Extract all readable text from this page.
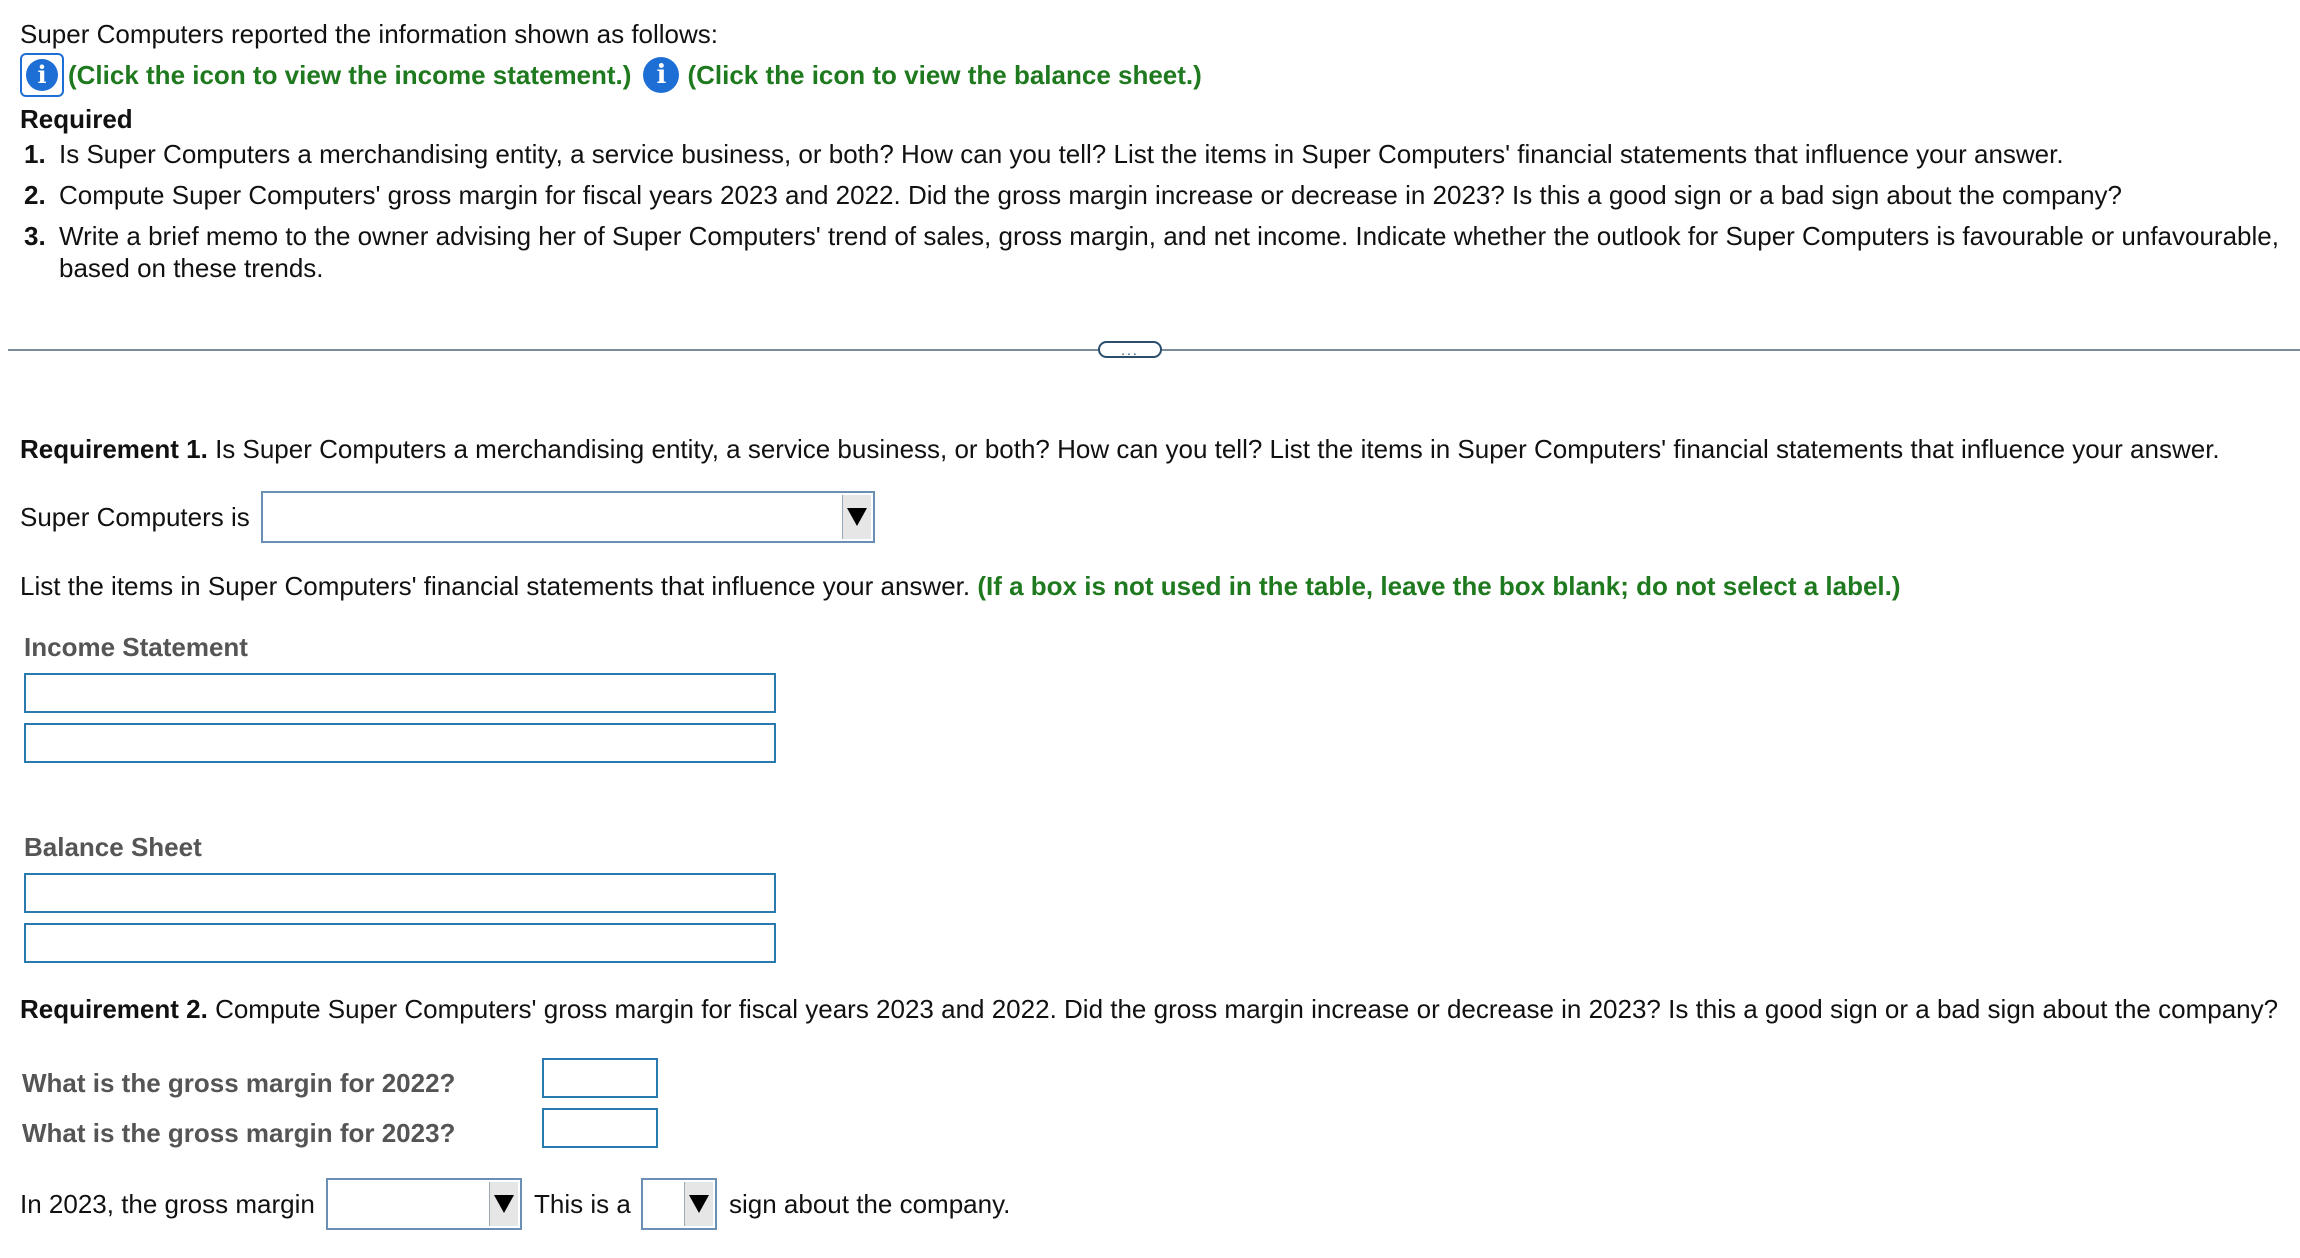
Super Computers reported the information shown as follows:
i (Click the icon to view the income statement.) i (Click the icon to view the balance sheet.)
Required
1. Is Super Computers a merchandising entity, a service business, or both? How can you tell? List the items in Super Computers' financial statements that influence your answer.
2. Compute Super Computers' gross margin for fiscal years 2023 and 2022. Did the gross margin increase or decrease in 2023? Is this a good sign or a bad sign about the company?
3. Write a brief memo to the owner advising her of Super Computers' trend of sales, gross margin, and net income. Indicate whether the outlook for Super Computers is favourable or unfavourable, based on these trends.
...
Requirement 1. Is Super Computers a merchandising entity, a service business, or both? How can you tell? List the items in Super Computers' financial statements that influence your answer.
Super Computers is
List the items in Super Computers' financial statements that influence your answer. (If a box is not used in the table, leave the box blank; do not select a label.)
Income Statement
Balance Sheet
Requirement 2. Compute Super Computers' gross margin for fiscal years 2023 and 2022. Did the gross margin increase or decrease in 2023? Is this a good sign or a bad sign about the company?
What is the gross margin for 2022?
What is the gross margin for 2023?
In 2023, the gross margin	This is a	sign about the company.
